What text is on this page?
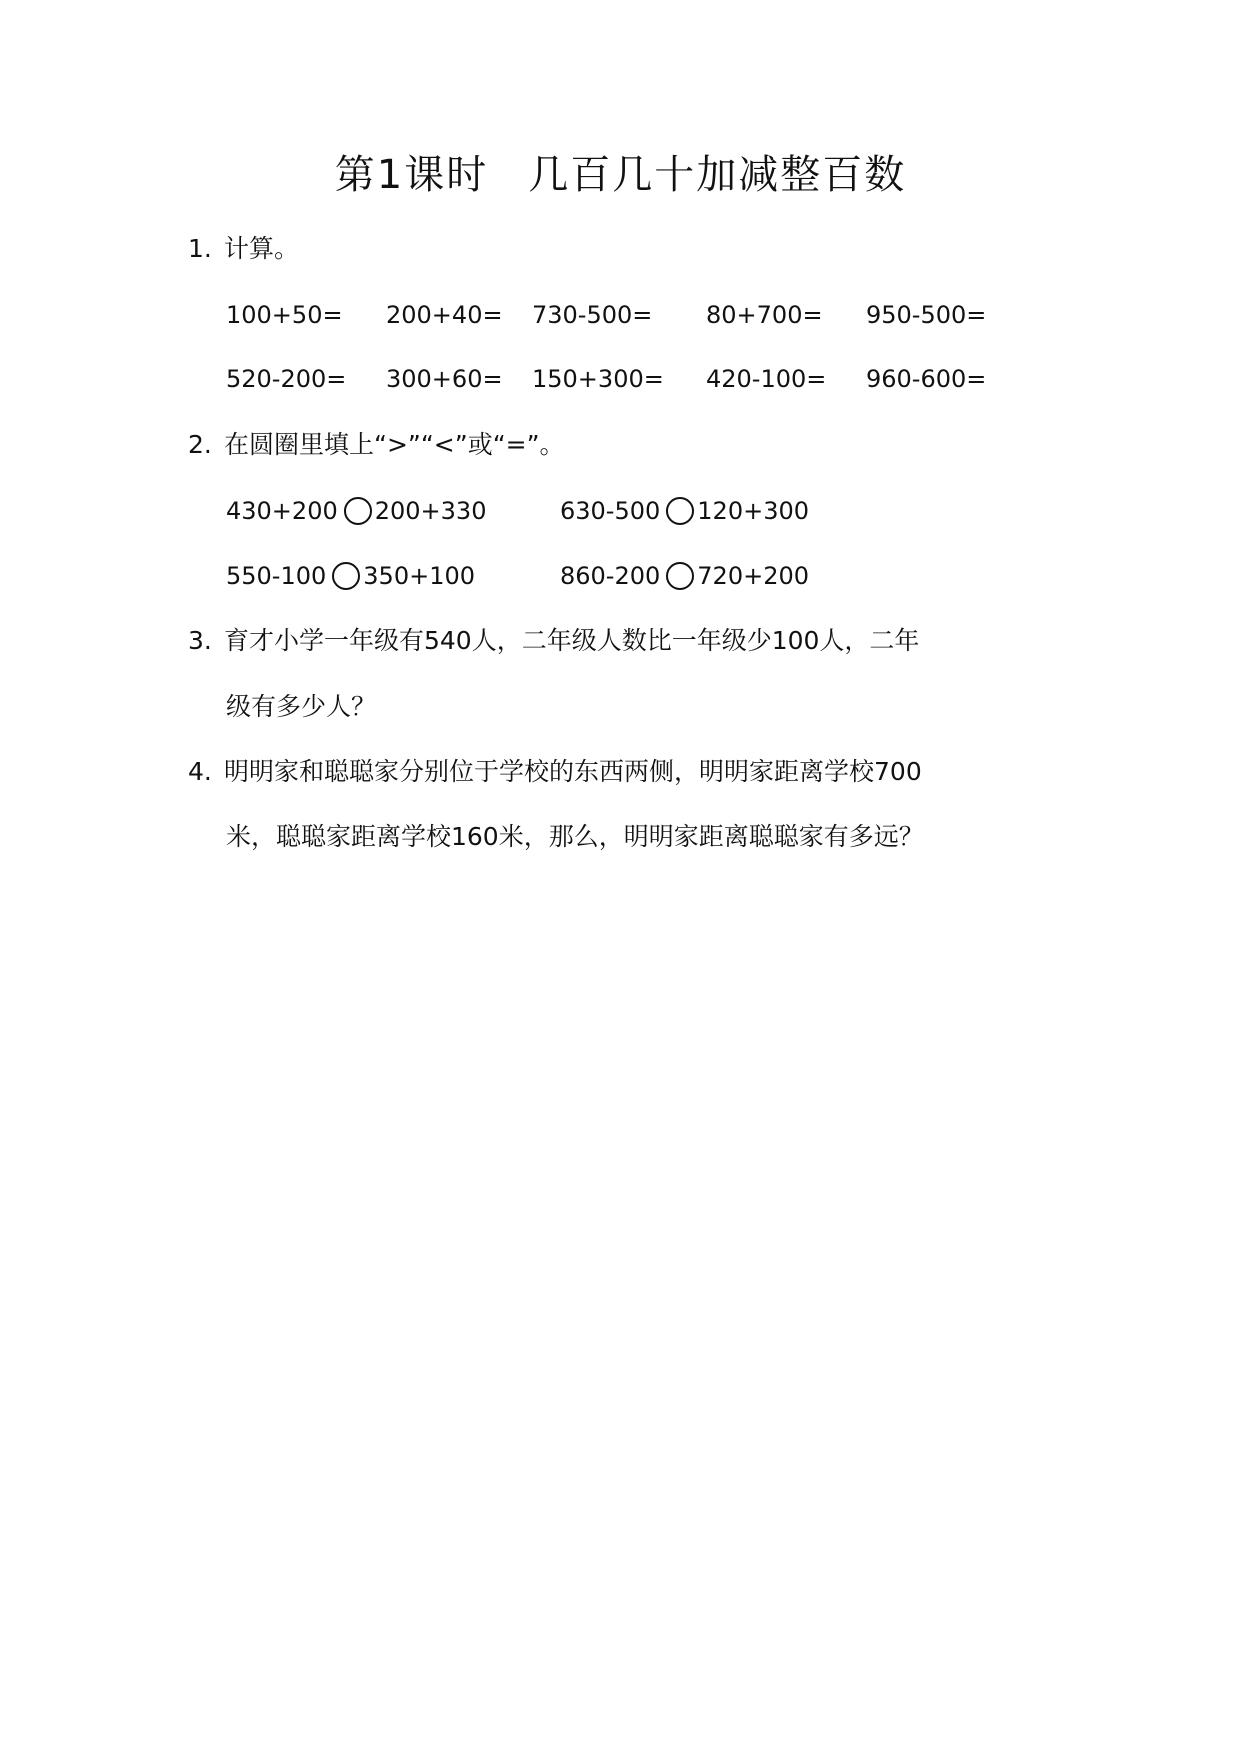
第1课时 几百几十加减整百数
1. 计算。
100+50= 200+40= 730-500= 80+700= 950-500=
520-200= 300+60= 150+300= 420-100= 960-600=
2. 在圆圈里填上“>”“<”或“=”。
430+200 200+330	630-500 120+300
550-100 350+100	860-200 720+200
3. 育才小学一年级有540人，二年级人数比一年级少100人，二年
级有多少人？
4. 明明家和聪聪家分别位于学校的东西两侧，明明家距离学校700
米，聪聪家距离学校160米，那么，明明家距离聪聪家有多远？
